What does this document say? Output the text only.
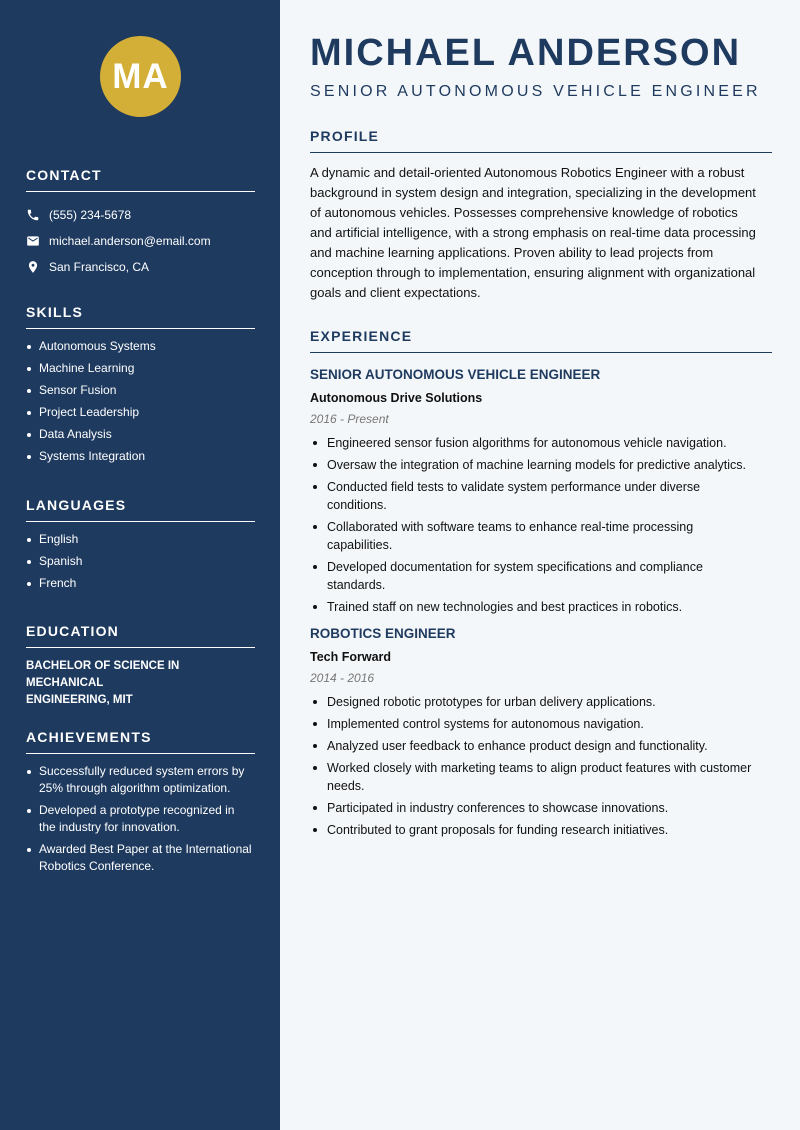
MA
CONTACT
(555) 234-5678
michael.anderson@email.com
San Francisco, CA
SKILLS
Autonomous Systems
Machine Learning
Sensor Fusion
Project Leadership
Data Analysis
Systems Integration
LANGUAGES
English
Spanish
French
EDUCATION
BACHELOR OF SCIENCE IN MECHANICAL
ENGINEERING, MIT
ACHIEVEMENTS
Successfully reduced system errors by
25% through algorithm optimization.
Developed a prototype recognized in
the industry for innovation.
Awarded Best Paper at the International
Robotics Conference.
MICHAEL ANDERSON
SENIOR AUTONOMOUS VEHICLE ENGINEER
PROFILE
A dynamic and detail-oriented Autonomous Robotics Engineer with a robust
background in system design and integration, specializing in the development
of autonomous vehicles. Possesses comprehensive knowledge of robotics
and artificial intelligence, with a strong emphasis on real-time data processing
and machine learning applications. Proven ability to lead projects from
conception through to implementation, ensuring alignment with organizational
goals and client expectations.
EXPERIENCE
SENIOR AUTONOMOUS VEHICLE ENGINEER
Autonomous Drive Solutions
2016 - Present
Engineered sensor fusion algorithms for autonomous vehicle navigation.
Oversaw the integration of machine learning models for predictive analytics.
Conducted field tests to validate system performance under diverse
conditions.
Collaborated with software teams to enhance real-time processing
capabilities.
Developed documentation for system specifications and compliance
standards.
Trained staff on new technologies and best practices in robotics.
ROBOTICS ENGINEER
Tech Forward
2014 - 2016
Designed robotic prototypes for urban delivery applications.
Implemented control systems for autonomous navigation.
Analyzed user feedback to enhance product design and functionality.
Worked closely with marketing teams to align product features with customer
needs.
Participated in industry conferences to showcase innovations.
Contributed to grant proposals for funding research initiatives.
